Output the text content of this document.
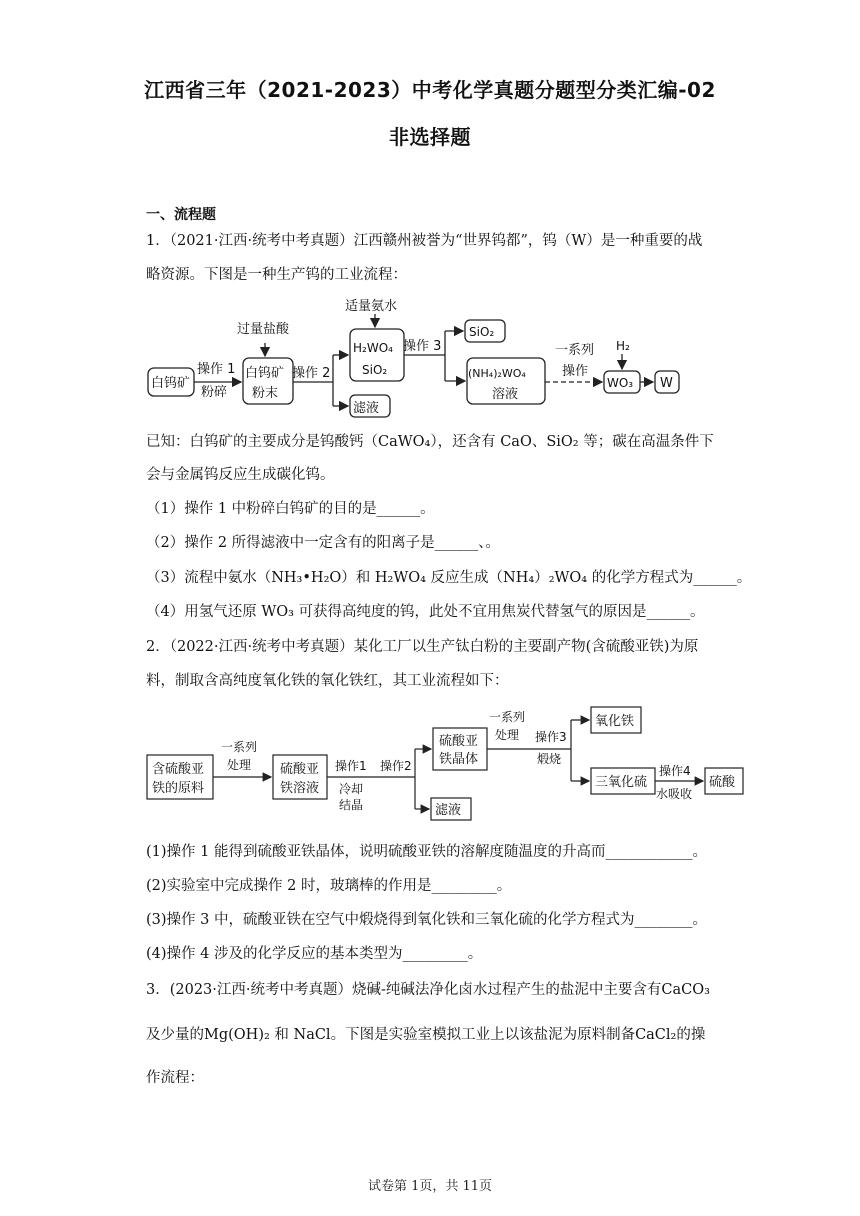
江西省三年（2021-2023）中考化学真题分题型分类汇编-02
非选择题
一、流程题
1．（2021·江西·统考中考真题）江西赣州被誉为“世界钨都”，钨（W）是一种重要的战
略资源。下图是一种生产钨的工业流程：
白钨矿
操作 1
粉碎
过量盐酸
白钨矿
粉末
操作 2
适量氨水
H₂WO₄
SiO₂
滤液
操作 3
SiO₂
(NH₄)₂WO₄
溶液
一系列
操作
H₂
WO₃ W
已知：白钨矿的主要成分是钨酸钙（CaWO₄），还含有 CaO、SiO₂ 等；碳在高温条件下
会与金属钨反应生成碳化钨。
（1）操作 1 中粉碎白钨矿的目的是______。
（2）操作 2 所得滤液中一定含有的阳离子是______、。
（3）流程中氨水（NH₃•H₂O）和 H₂WO₄ 反应生成（NH₄）₂WO₄ 的化学方程式为______。
（4）用氢气还原 WO₃ 可获得高纯度的钨，此处不宜用焦炭代替氢气的原因是______。
2．（2022·江西·统考中考真题）某化工厂以生产钛白粉的主要副产物(含硫酸亚铁)为原
料，制取含高纯度氧化铁的氧化铁红，其工业流程如下：
含硫酸亚
铁的原料
一系列
处理 硫酸亚
铁溶液
操作1
冷却
结晶
操作2
硫酸亚
铁晶体
滤液
一系列
处理 操作3
煅烧
氧化铁
三氧化硫
操作4
水吸收
硫酸
(1)操作 1 能得到硫酸亚铁晶体，说明硫酸亚铁的溶解度随温度的升高而____________。
(2)实验室中完成操作 2 时，玻璃棒的作用是_________。
(3)操作 3 中，硫酸亚铁在空气中煅烧得到氧化铁和三氧化硫的化学方程式为________。
(4)操作 4 涉及的化学反应的基本类型为_________。
3．(2023·江西·统考中考真题）烧碱-纯碱法净化卤水过程产生的盐泥中主要含有CaCO₃
及少量的Mg(OH)₂ 和 NaCl。下图是实验室模拟工业上以该盐泥为原料制备CaCl₂的操
作流程：
试卷第 1页，共 11页
